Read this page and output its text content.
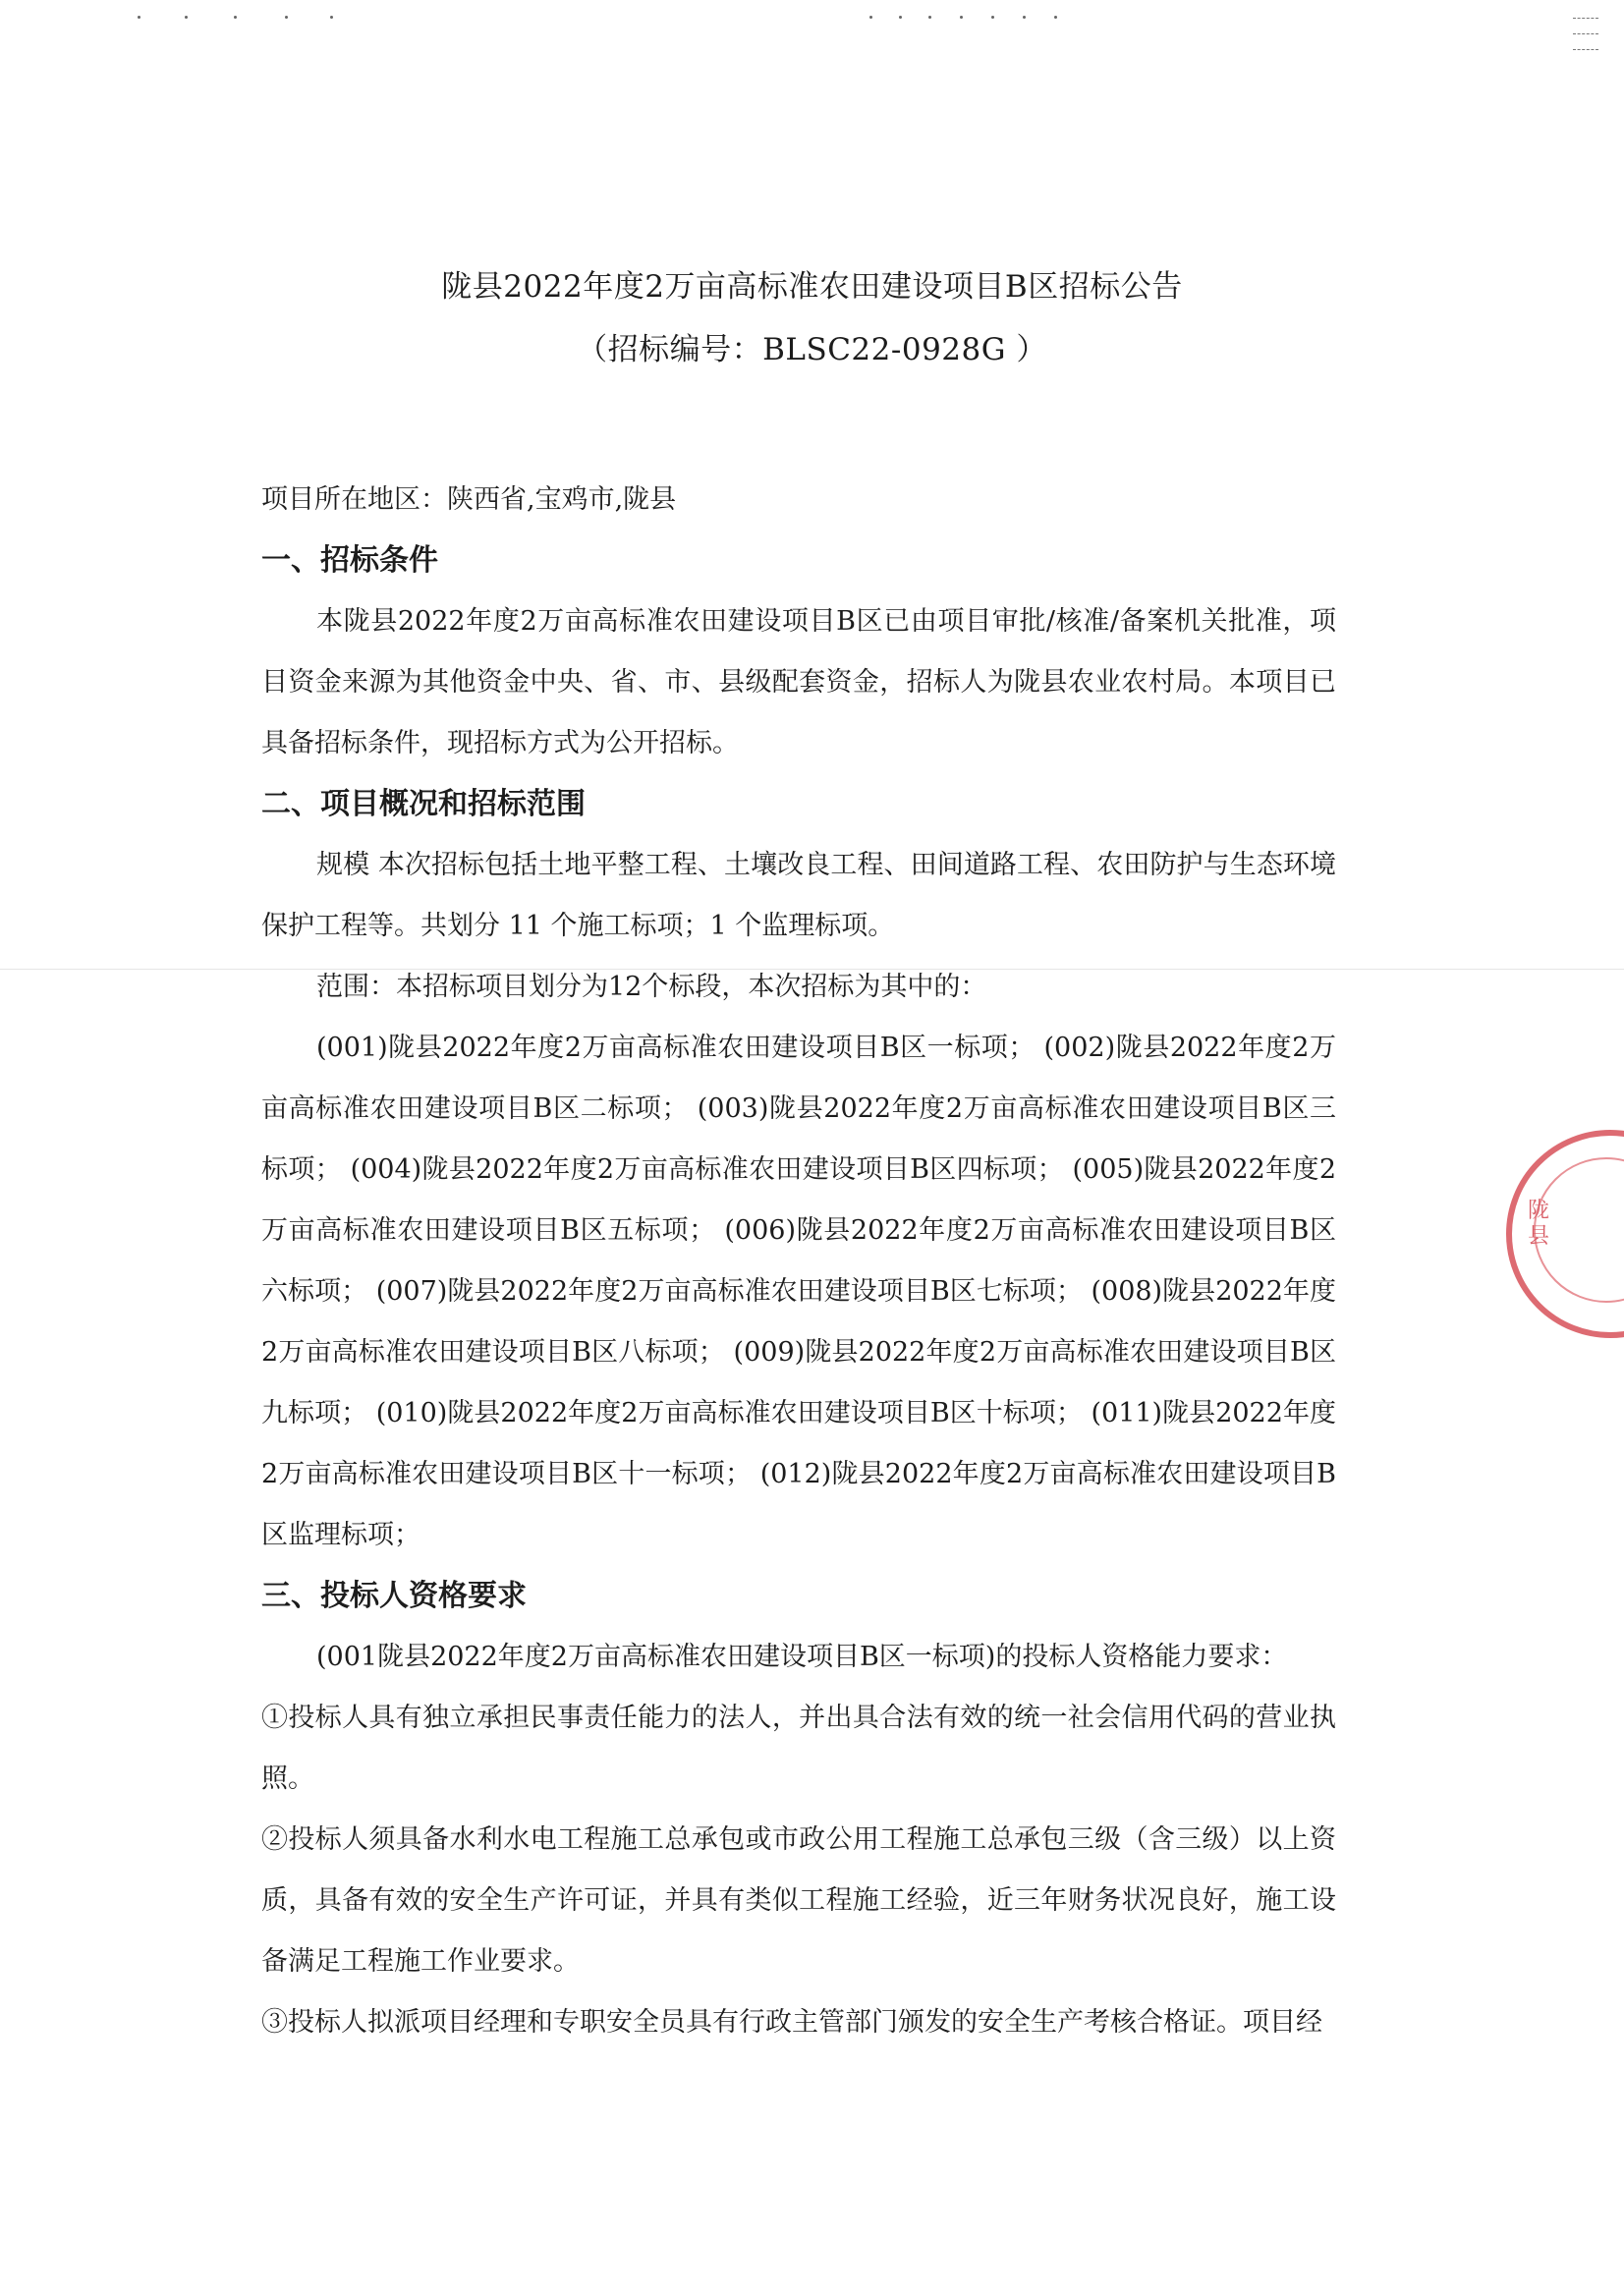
陇县2022年度2万亩高标准农田建设项目B区招标公告
（招标编号：BLSC22-0928G ）

项目所在地区：陕西省,宝鸡市,陇县

一、招标条件

本陇县2022年度2万亩高标准农田建设项目B区已由项目审批/核准/备案机关批准，项目资金来源为其他资金中央、省、市、县级配套资金，招标人为陇县农业农村局。本项目已具备招标条件，现招标方式为公开招标。

二、项目概况和招标范围

规模 本次招标包括土地平整工程、土壤改良工程、田间道路工程、农田防护与生态环境保护工程等。共划分 11 个施工标项；1 个监理标项。

范围：本招标项目划分为12个标段，本次招标为其中的：

(001)陇县2022年度2万亩高标准农田建设项目B区一标项； (002)陇县2022年度2万亩高标准农田建设项目B区二标项； (003)陇县2022年度2万亩高标准农田建设项目B区三标项； (004)陇县2022年度2万亩高标准农田建设项目B区四标项； (005)陇县2022年度2万亩高标准农田建设项目B区五标项； (006)陇县2022年度2万亩高标准农田建设项目B区六标项； (007)陇县2022年度2万亩高标准农田建设项目B区七标项； (008)陇县2022年度2万亩高标准农田建设项目B区八标项； (009)陇县2022年度2万亩高标准农田建设项目B区九标项； (010)陇县2022年度2万亩高标准农田建设项目B区十标项； (011)陇县2022年度2万亩高标准农田建设项目B区十一标项； (012)陇县2022年度2万亩高标准农田建设项目B区监理标项；

三、投标人资格要求

(001陇县2022年度2万亩高标准农田建设项目B区一标项)的投标人资格能力要求：

①投标人具有独立承担民事责任能力的法人，并出具合法有效的统一社会信用代码的营业执照。

②投标人须具备水利水电工程施工总承包或市政公用工程施工总承包三级（含三级）以上资质，具备有效的安全生产许可证，并具有类似工程施工经验，近三年财务状况良好，施工设备满足工程施工作业要求。

③投标人拟派项目经理和专职安全员具有行政主管部门颁发的安全生产考核合格证。项目经

陇县
